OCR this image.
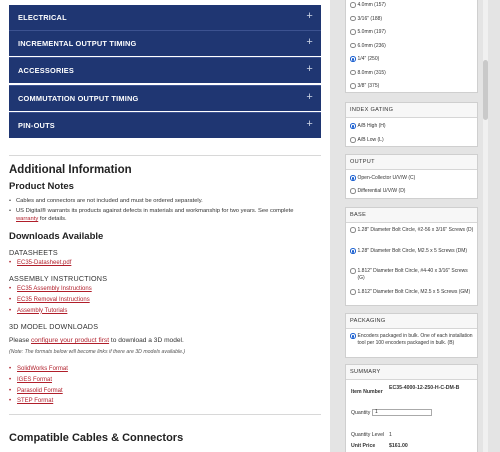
ELECTRICAL	+
INCREMENTAL OUTPUT TIMING	+
ACCESSORIES	+
COMMUTATION OUTPUT TIMING	+
PIN-OUTS	+
Additional Information
Product Notes
• Cables and connectors are not included and must be ordered separately.
• US Digital® warrants its products against defects in materials and workmanship for two years. See complete
warranty for details.
Downloads Available
DATASHEETS
• EC35-Datasheet.pdf
ASSEMBLY INSTRUCTIONS
• EC35 Assembly Instructions
• EC35 Removal Instructions
• Assembly Tutorials
3D MODEL DOWNLOADS
Please configure your product first to download a 3D model.
(Note: The formats below will become links if there are 3D models available.)
• SolidWorks Format
• IGES Format
• Parasolid Format
• STEP Format
Compatible Cables & Connectors
4.0mm (157)
3/16" (188)
5.0mm (197)
6.0mm (236)
1/4" (250)
8.0mm (315)
3/8" (375)
INDEX GATING
A/B High (H)
A/B Low (L)
OUTPUT
Open-Collector U/V/W (C)
Differential U/V/W (D)
BASE
1.28" Diameter Bolt Circle, #2-56 x 3/16" Screws (D)
1.28" Diameter Bolt Circle, M2.5 x 5 Screws (DM)
1.812" Diameter Bolt Circle, #4-40 x 3/16" Screws (G)
1.812" Diameter Bolt Circle, M2.5 x 5 Screws (GM)
PACKAGING
Encoders packaged in bulk. One of each installation tool per 100 encoders packaged in bulk. (B)
SUMMARY
Item Number
EC35-4000-12-250-H-C-DM-B
Quantity 1
Quantity Level 1
Unit Price	$161.00
